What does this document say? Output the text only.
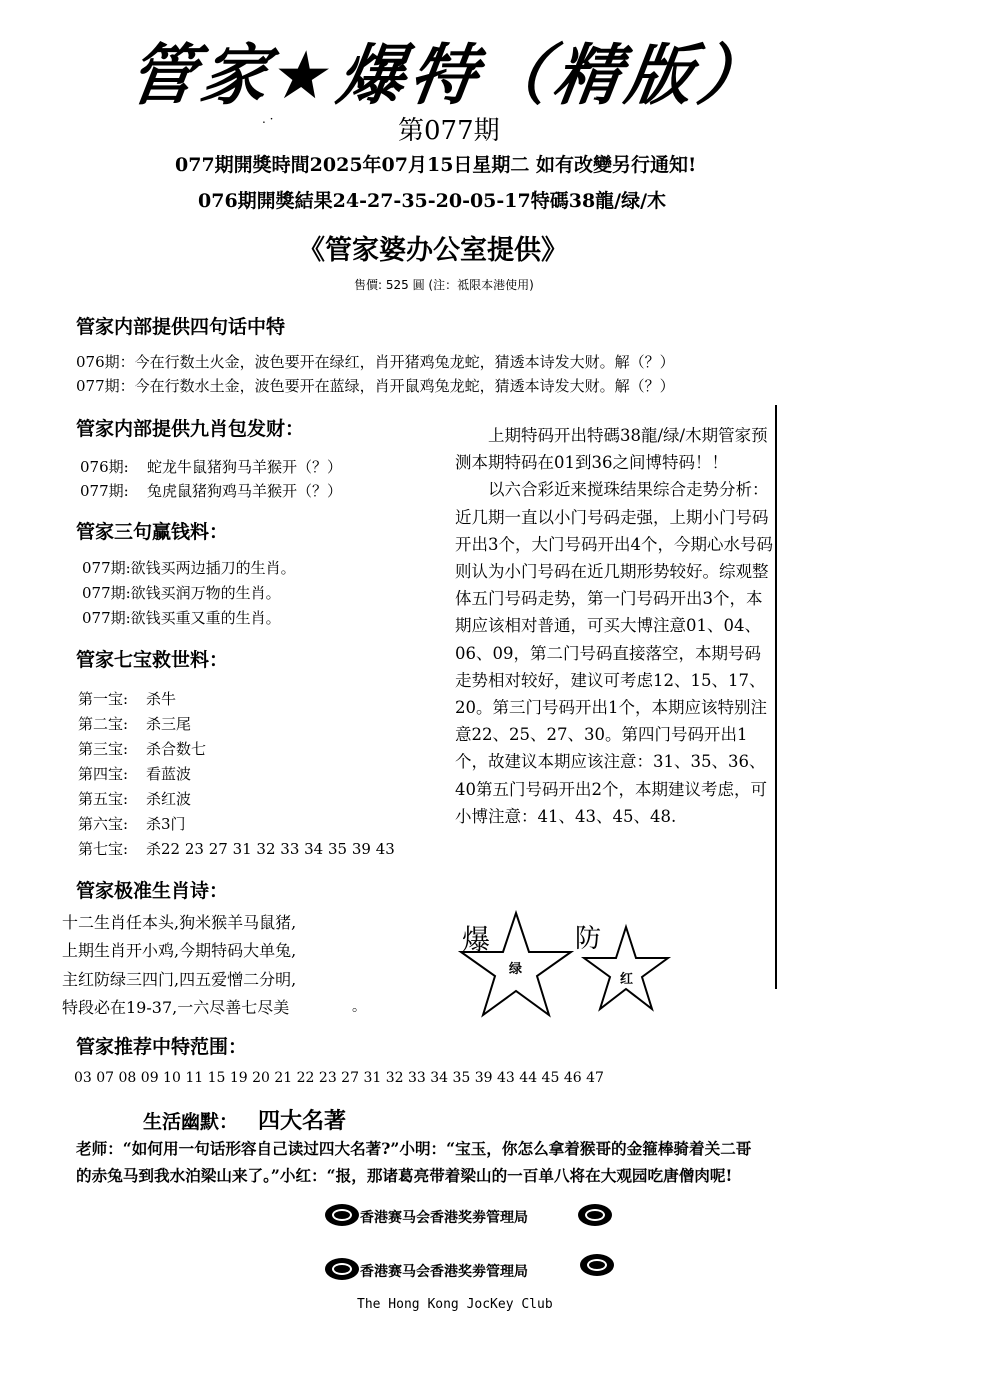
管家★爆特（精版）
. ·	第077期
077期開獎時間2025年07月15日星期二 如有改變另行通知!
076期開獎結果24-27-35-20-05-17特碼38龍/绿/木
《管家婆办公室提供》
售價: 525 圓 (注：祗限本港使用)
管家内部提供四句话中特
076期：今在行数土火金，波色要开在绿红，肖开猪鸡兔龙蛇，猜透本诗发大财。解（？）
077期：今在行数水土金，波色要开在蓝绿，肖开鼠鸡兔龙蛇，猜透本诗发大财。解（？）
管家内部提供九肖包发财：
076期: 蛇龙牛鼠猪狗马羊猴开（？）
077期: 兔虎鼠猪狗鸡马羊猴开（？）
管家三句赢钱料：
077期:欲钱买两边插刀的生肖。
077期:欲钱买润万物的生肖。
077期:欲钱买重又重的生肖。
管家七宝救世料：
第一宝: 杀牛
第二宝: 杀三尾
第三宝: 杀合数七
第四宝: 看蓝波
第五宝: 杀红波
第六宝: 杀3门
第七宝: 杀22 23 27 31 32 33 34 35 39 43
管家极准生肖诗：
十二生肖任本头,狗米猴羊马鼠猪,
上期生肖开小鸡,今期特码大单兔,
主红防绿三四门,四五爱憎二分明,
特段必在19-37,一六尽善七尽美	。

上期特码开出特碼38龍/绿/木期管家预测本期特码在01到36之间博特码！！

以六合彩近来搅珠结果综合走势分析：近几期一直以小门号码走强，上期小门号码开出3个，大门号码开出4个，今期心水号码则认为小门号码在近几期形势较好。综观整体五门号码走势，第一门号码开出3个，本期应该相对普通，可买大博注意01、04、06、09，第二门号码直接落空，本期号码走势相对较好，建议可考虑12、15、17、20。第三门号码开出1个，本期应该特别注意22、25、27、30。第四门号码开出1个，故建议本期应该注意：31、35、36、40第五门号码开出2个，本期建议考虑，可小博注意：41、43、45、48.

爆	防
绿
红
管家推荐中特范围：
03 07 08 09 10 11 15 19 20 21 22 23 27 31 32 33 34 35 39 43 44 45 46 47
生活幽默： 四大名著
老师：“如何用一句话形容自己读过四大名著?”小明：“宝玉，你怎么拿着猴哥的金箍棒骑着关二哥
的赤兔马到我水泊梁山来了。”小红：“报，那诸葛亮带着梁山的一百单八将在大观园吃唐僧肉呢!
香港赛马会香港奖劵管理局
香港赛马会香港奖劵管理局
The Hong Kong JocKey Club
